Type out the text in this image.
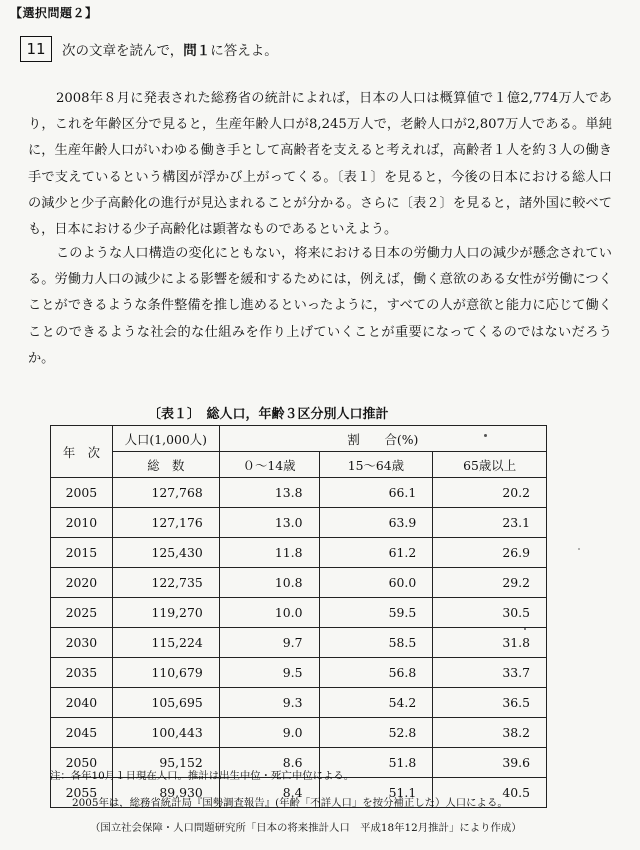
【選択問題２】
11	次の文章を読んで，問１に答えよ。

2008年８月に発表された総務省の統計によれば，日本の人口は概算値で１億2,774万人であり，これを年齢区分で見ると，生産年齢人口が8,245万人で，老齢人口が2,807万人である。単純に，生産年齢人口がいわゆる働き手として高齢者を支えると考えれば，高齢者１人を約３人の働き手で支えているという構図が浮かび上がってくる。〔表１〕を見ると，今後の日本における総人口の減少と少子高齢化の進行が見込まれることが分かる。さらに〔表２〕を見ると，諸外国に較べても，日本における少子高齢化は顕著なものであるといえよう。

このような人口構造の変化にともない，将来における日本の労働力人口の減少が懸念されている。労働力人口の減少による影響を緩和するためには，例えば，働く意欲のある女性が労働につくことができるような条件整備を推し進めるといったように，すべての人が意欲と能力に応じて働くことのできるような社会的な仕組みを作り上げていくことが重要になってくるのではないだろうか。

〔表１〕　総人口，年齢３区分別人口推計
年　次	人口(1,000人)	割　　合(%)		
	総　数	０～14歳	15～64歳	65歳以上
2005	127,768	13.8	66.1	20.2
2010	127,176	13.0	63.9	23.1
2015	125,430	11.8	61.2	26.9
2020	122,735	10.8	60.0	29.2
2025	119,270	10.0	59.5	30.5
2030	115,224	9.7	58.5	31.8
2035	110,679	9.5	56.8	33.7
2040	105,695	9.3	54.2	36.5
2045	100,443	9.0	52.8	38.2
2050	95,152	8.6	51.8	39.6
2055	89,930	8.4	51.1	40.5
注：各年10月１日現在人口。推計は出生中位・死亡中位による。
2005年は，総務省統計局『国勢調査報告』(年齢「不詳人口」を按分補正した）人口による。
（国立社会保障・人口問題研究所「日本の将来推計人口　平成18年12月推計」により作成）
